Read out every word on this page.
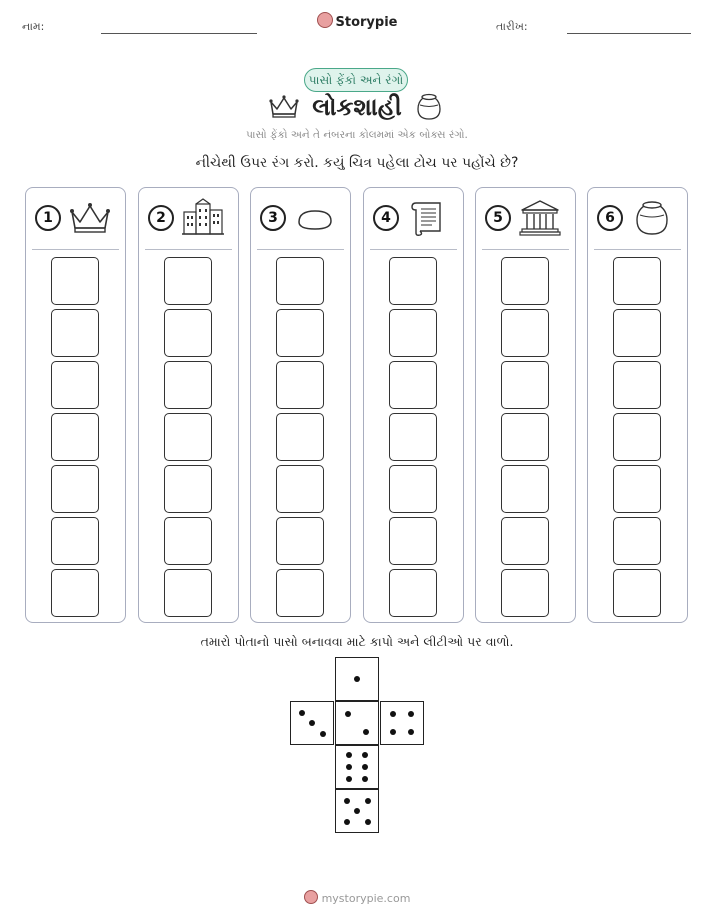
નામ:	Storypie	તારીખ:
પાસો ફેંકો અને રંગો
લોકશાહી
પાસો ફેંકો અને તે નંબરના કોલમમાં એક બોક્સ રંગો.
નીચેથી ઉપર રંગ કરો. કયું ચિત્ર પહેલા ટોચ પર પહોંચે છે?
1	2	3	4	5	6
તમારો પોતાનો પાસો બનાવવા માટે કાપો અને લીટીઓ પર વાળો.
mystorypie.com
